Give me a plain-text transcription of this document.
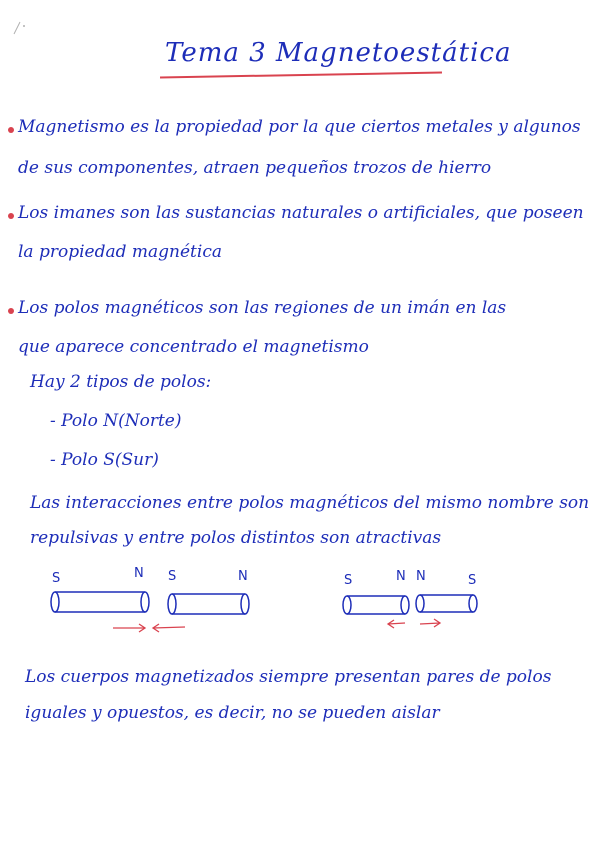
Tema 3 Magnetoestática
Magnetismo es la propiedad por la que ciertos metales y algunos
de sus componentes, atraen pequeños trozos de hierro
Los imanes son las sustancias naturales o artificiales, que poseen
la propiedad magnética
Los polos magnéticos son las regiones de un imán en las
que aparece concentrado el magnetismo
Hay 2 tipos de polos:
- Polo N(Norte)
- Polo S(Sur)
Las interacciones entre polos magnéticos del mismo nombre son
repulsivas y entre polos distintos son atractivas
S	N S	N	S	N N	S
Los cuerpos magnetizados siempre presentan pares de polos
iguales y opuestos, es decir, no se pueden aislar
